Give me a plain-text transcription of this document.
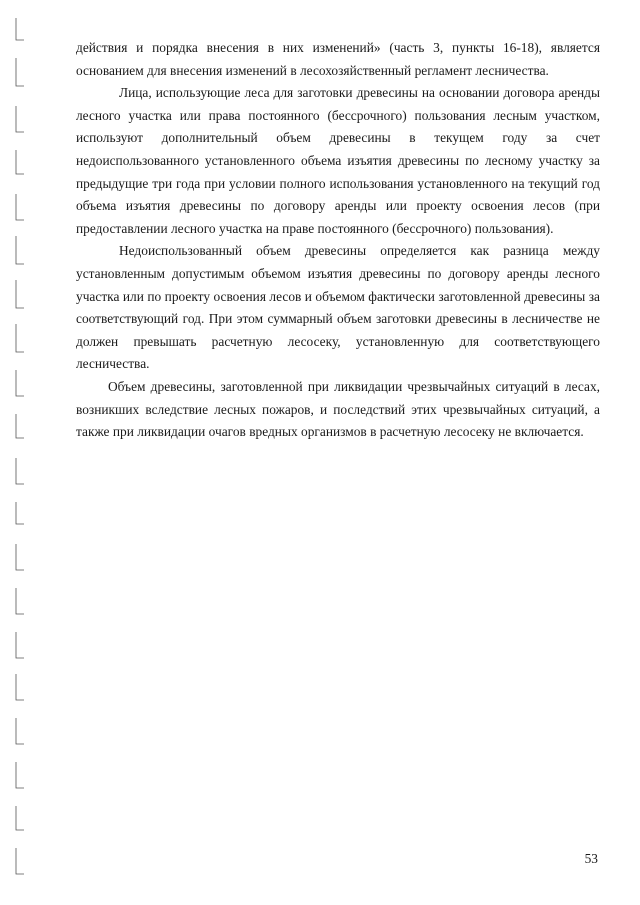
действия и порядка внесения в них изменений» (часть 3, пункты 16-18), является основанием для внесения изменений в лесохозяйственный регламент лесничества.

Лица, использующие леса для заготовки древесины на основании договора аренды лесного участка или права постоянного (бессрочного) пользования лесным участком, используют дополнительный объем древесины в текущем году за счет недоиспользованного установленного объема изъятия древесины по лесному участку за предыдущие три года при условии полного использования установленного на текущий год объема изъятия древесины по договору аренды или проекту освоения лесов (при предоставлении лесного участка на праве постоянного (бессрочного) пользования).

Недоиспользованный объем древесины определяется как разница между установленным допустимым объемом изъятия древесины по договору аренды лесного участка или по проекту освоения лесов и объемом фактически заготовленной древесины за соответствующий год. При этом суммарный объем заготовки древесины в лесничестве не должен превышать расчетную лесосеку, установленную для соответствующего лесничества.

Объем древесины, заготовленной при ликвидации чрезвычайных ситуаций в лесах, возникших вследствие лесных пожаров, и последствий этих чрезвычайных ситуаций, а также при ликвидации очагов вредных организмов в расчетную лесосеку не включается.

53
